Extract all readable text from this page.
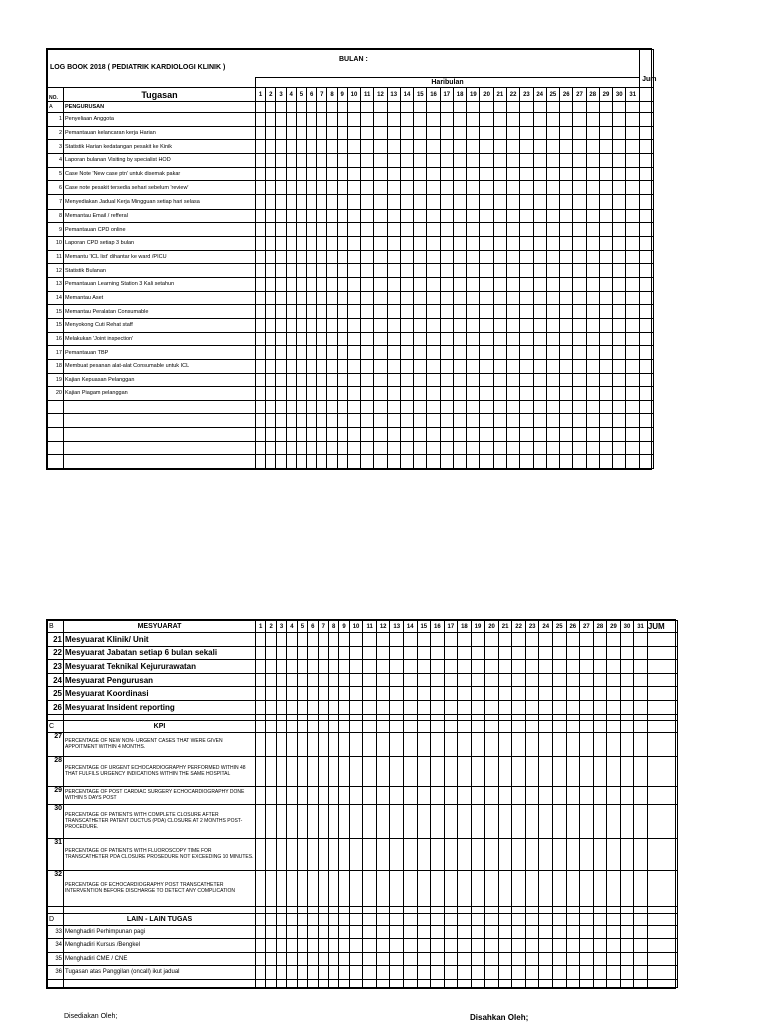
LOG BOOK 2018 ( PEDIATRIK KARDIOLOGI KLINIK )
BULAN :																																	Jum
		Haribulan																															
NO.	Tugasan	1	2	3	4	5	6	7	8	9	10	11	12	13	14	15	16	17	18	19	20	21	22	23	24	25	26	27	28	29	30	31	
A	PENGURUSAN																																
1	Penyeliaan Anggota																																
2	Pemantauan kelancaran kerja Harian																																
3	Statistik Harian kedatangan pesakit ke Kinik																																
4	Laporan bulanan Visiting by specialist HOD																																
5	Case Note 'New case ptn' untuk disemak pakar																																
6	Case note pesakit tersedia sehari sebelum 'review'																																
7	Menyediakan Jadual Kerja Mingguan setiap hari selasa																																
8	Memantau Email / refferal																																
9	Pemantauan CPD online																																
10	Laporan CPD setiap 3 bulan																																
11	Memantu 'ICL list' dihantar ke ward /PICU																																
12	Statistik Bulanan																																
13	Pemantauan Learning Station 3 Kali setahun																																
14	Memantau Aset																																
15	Memantau Peralatan Consumable																																
15	Menyokong Cuti Rehat staff																																
16	Melakukan 'Joint inspection'																																
17	Pemantauan TBP																																
18	Membuat pesanan alat-alat Consumable untuk ICL																																
19	Kajian Kepuasan Pelanggan																																
20	Kajian Piagam pelanggan																																

B	MESYUARAT	1	2	3	4	5	6	7	8	9	10	11	12	13	14	15	16	17	18	19	20	21	22	23	24	25	26	27	28	29	30	31	JUM
21	Mesyuarat Klinik/ Unit																																
22	Mesyuarat Jabatan setiap 6 bulan sekali																																
23	Mesyuarat Teknikal Kejururawatan																																
24	Mesyuarat Pengurusan																																
25	Mesyuarat Koordinasi																																
26	Mesyuarat Insident reporting																																

C	KPI																																
27	PERCENTAGE OF NEW NON- URGENT CASES THAT WERE GIVEN APPOITMENT WITHIN 4 MONTHS.																																
28	PERCENTAGE OF URGENT ECHOCARDIOGRAPHY PERFORMED WITHIN 48 THAT FULFILS URGENCY INDICATIONS WITHIN THE SAME HOSPITAL																																
29	PERCENTAGE OF POST CARDIAC SURGERY ECHOCARDIOGRAPHY DONE WITHIN 5 DAYS POST																																
30	PERCENTAGE OF PATIENTS WITH COMPLETE CLOSURE AFTER TRANSCATHETER PATENT DUCTUS (PDA) CLOSURE AT 2 MONTHS POST- PROCEDURE.																																
31	PERCENTAGE OF PATIENTS WITH FLUOROSCOPY TIME FOR TRANSCATHETER PDA CLOSURE PROSEDURE NOT EXCEEDING 10 MINUTES.																																
32	PERCENTAGE OF ECHOCARDIOGRAPHY POST TRANSCATHETER INTERVENTION BEFORE DISCHARGE TO DETECT ANY COMPLICATION																																

D	LAIN - LAIN TUGAS																																
33	Menghadiri Perhimpunan pagi																																
34	Menghadiri Kursus /Bengkel																																
35	Menghadiri CME / CNE																																
36	Tugasan atas Panggilan (oncall) ikut jadual																																

Disediakan Oleh;	Disahkan Oleh;
